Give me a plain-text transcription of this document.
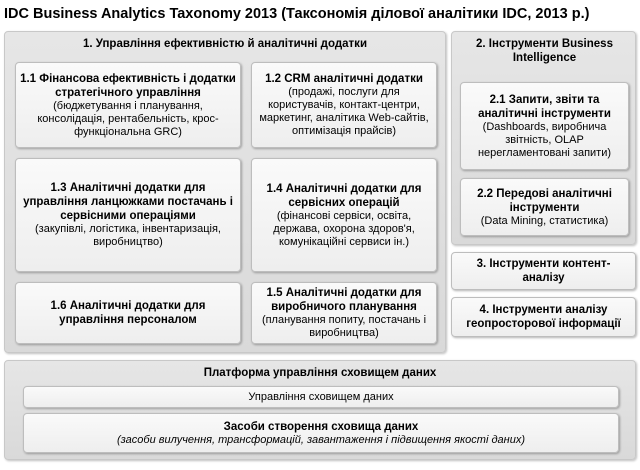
IDC Business Analytics Taxonomy 2013 (Таксономія ділової аналітики IDC, 2013 р.)
1. Управління ефективністю й аналітичні додатки
1.1 Фінансова ефективність і додатки стратегічного управління
(бюджетування і планування, консолідація, рентабельність, крос-функціональна GRC)
1.2 CRM аналітичні додатки
(продажі, послуги для користувачів, контакт-центри, маркетинг, аналітика Web-сайтів, оптимізація прайсів)
1.3 Аналітичні додатки для управління ланцюжками постачань і сервісними операціями
(закупівлі, логістика, інвентаризація, виробництво)
1.4 Аналітичні додатки для сервісних операцій
(фінансові сервіси, освіта, держава, охорона здоров'я, комунікаційні сервиси ін.)
1.6 Аналітичні додатки для управління персоналом
1.5 Аналітичні додатки для виробничого планування
(планування попиту, постачань і виробництва)
2. Інструменти Business Intelligence
2.1 Запити, звіти та аналітичні інструменти
(Dashboards, виробнича звітність, OLAP нерегламентовані запити)
2.2 Передові аналітичні інструменти
(Data Mining, статистика)
3. Інструменти контент-аналізу
4. Інструменти аналізу геопросторової інформації
Платформа управління сховищем даних
Управління сховищем даних
Засоби створення сховища даних
(засоби вилучення, трансформацій, завантаження і підвищення якості даних)
